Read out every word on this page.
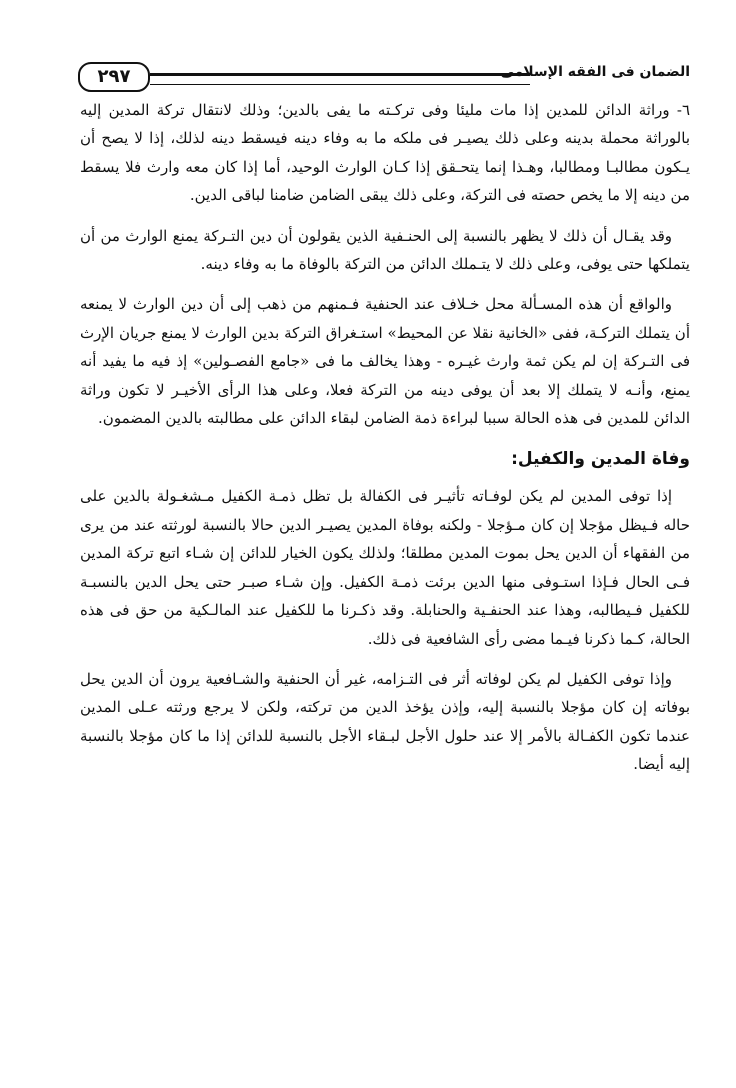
الضمان فى الفقه الإسلامى
٢٩٧

٦- وراثة الدائن للمدين إذا مات مليئا وفى تركـته ما يفى بالدين؛ وذلك لانتقال تركة المدين إليه بالوراثة محملة بدينه وعلى ذلك يصيـر فى ملكه ما به وفاء دينه فيسقط دينه لذلك، إذا لا يصح أن يـكون مطالبـا ومطالبا، وهـذا إنما يتحـقق إذا كـان الوارث الوحيد، أما إذا كان معه وارث فلا يسقط من دينه إلا ما يخص حصته فى التركة، وعلى ذلك يبقى الضامن ضامنا لباقى الدين.

وقد يقـال أن ذلك لا يظهر بالنسبة إلى الحنـفية الذين يقولون أن دين التـركة يمنع الوارث من أن يتملكها حتى يوفى، وعلى ذلك لا يتـملك الدائن من التركة بالوفاة ما به وفاء دينه.

والواقع أن هذه المسـألة محل خـلاف عند الحنفية فـمنهم من ذهب إلى أن دين الوارث لا يمنعه أن يتملك التركـة، ففى «الخانية نقلا عن المحيط» استـغراق التركة بدين الوارث لا يمنع جريان الإرث فى التـركة إن لم يكن ثمة وارث غيـره - وهذا يخالف ما فى «جامع الفصـولين» إذ فيه ما يفيد أنه يمنع، وأنـه لا يتملك إلا بعد أن يوفى دينه من التركة فعلا، وعلى هذا الرأى الأخيـر لا تكون وراثة الدائن للمدين فى هذه الحالة سببا لبراءة ذمة الضامن لبقاء الدائن على مطالبته بالدين المضمون.

وفاة المدين والكفيل:

إذا توفى المدين لم يكن لوفـاته تأثيـر فى الكفالة بل تظل ذمـة الكفيل مـشغـولة بالدين على حاله فـيظل مؤجلا إن كان مـؤجلا - ولكنه بوفاة المدين يصيـر الدين حالا بالنسبة لورثته عند من يرى من الفقهاء أن الدين يحل بموت المدين مطلقا؛ ولذلك يكون الخيار للدائن إن شـاء اتبع تركة المدين فـى الحال فـإذا استـوفى منها الدين برئت ذمـة الكفيل. وإن شـاء صبـر حتى يحل الدين بالنسبـة للكفيل فـيطالبه، وهذا عند الحنفـية والحنابلة. وقد ذكـرنا ما للكفيل عند المالـكية من حق فى هذه الحالة، كـما ذكرنا فيـما مضى رأى الشافعية فى ذلك.

وإذا توفى الكفيل لم يكن لوفاته أثر فى التـزامه، غير أن الحنفية والشـافعية يرون أن الدين يحل بوفاته إن كان مؤجلا بالنسبة إليه، وإذن يؤخذ الدين من تركته، ولكن لا يرجع ورثته عـلى المدين عندما تكون الكفـالة بالأمر إلا عند حلول الأجل لبـقاء الأجل بالنسبة للدائن إذا ما كان مؤجلا بالنسبة إليه أيضا.
